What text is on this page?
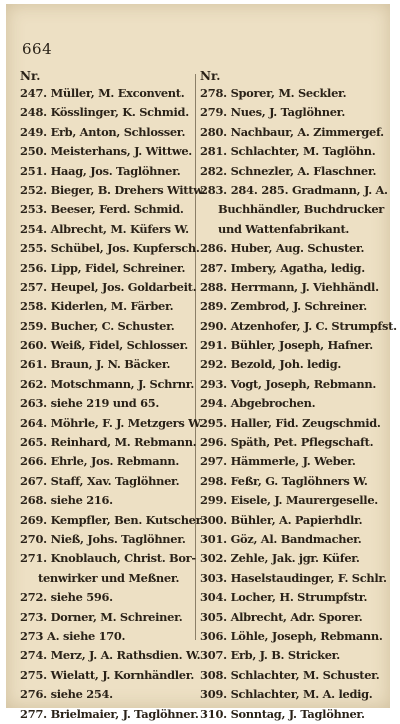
664
Nr.
247. Müller, M. Exconvent.
248. Kösslinger, K. Schmid.
249. Erb, Anton, Schlosser.
250. Meisterhans, J. Wittwe.
251. Haag, Jos. Taglöhner.
252. Bieger, B. Drehers Wittw.
253. Beeser, Ferd. Schmid.
254. Albrecht, M. Küfers W.
255. Schübel, Jos. Kupfersch.
256. Lipp, Fidel, Schreiner.
257. Heupel, Jos. Goldarbeit.
258. Kiderlen, M. Färber.
259. Bucher, C. Schuster.
260. Weiß, Fidel, Schlosser.
261. Braun, J. N. Bäcker.
262. Motschmann, J. Schrnr.
263. siehe 219 und 65.
264. Möhrle, F. J. Metzgers W.
265. Reinhard, M. Rebmann.
266. Ehrle, Jos. Rebmann.
267. Staff, Xav. Taglöhner.
268. siehe 216.
269. Kempfler, Ben. Kutscher.
270. Nieß, Johs. Taglöhner.
271. Knoblauch, Christ. Bor-
tenwirker und Meßner.
272. siehe 596.
273. Dorner, M. Schreiner.
273 A. siehe 170.
274. Merz, J. A. Rathsdien. W.
275. Wielatt, J. Kornhändler.
276. siehe 254.
277. Brielmaier, J. Taglöhner.
Nr.
278. Sporer, M. Seckler.
279. Nues, J. Taglöhner.
280. Nachbaur, A. Zimmergef.
281. Schlachter, M. Taglöhn.
282. Schnezler, A. Flaschner.
283. 284. 285. Gradmann, J. A.
Buchhändler, Buchdrucker
und Wattenfabrikant.
286. Huber, Aug. Schuster.
287. Imbery, Agatha, ledig.
288. Herrmann, J. Viehhändl.
289. Zembrod, J. Schreiner.
290. Atzenhofer, J. C. Strumpfst.
291. Bühler, Joseph, Hafner.
292. Bezold, Joh. ledig.
293. Vogt, Joseph, Rebmann.
294. Abgebrochen.
295. Haller, Fid. Zeugschmid.
296. Späth, Pet. Pflegschaft.
297. Hämmerle, J. Weber.
298. Feßr, G. Taglöhners W.
299. Eisele, J. Maurergeselle.
300. Bühler, A. Papierhdlr.
301. Göz, Al. Bandmacher.
302. Zehle, Jak. jgr. Küfer.
303. Haselstaudinger, F. Schlr.
304. Locher, H. Strumpfstr.
305. Albrecht, Adr. Sporer.
306. Löhle, Joseph, Rebmann.
307. Erb, J. B. Stricker.
308. Schlachter, M. Schuster.
309. Schlachter, M. A. ledig.
310. Sonntag, J. Taglöhner.
